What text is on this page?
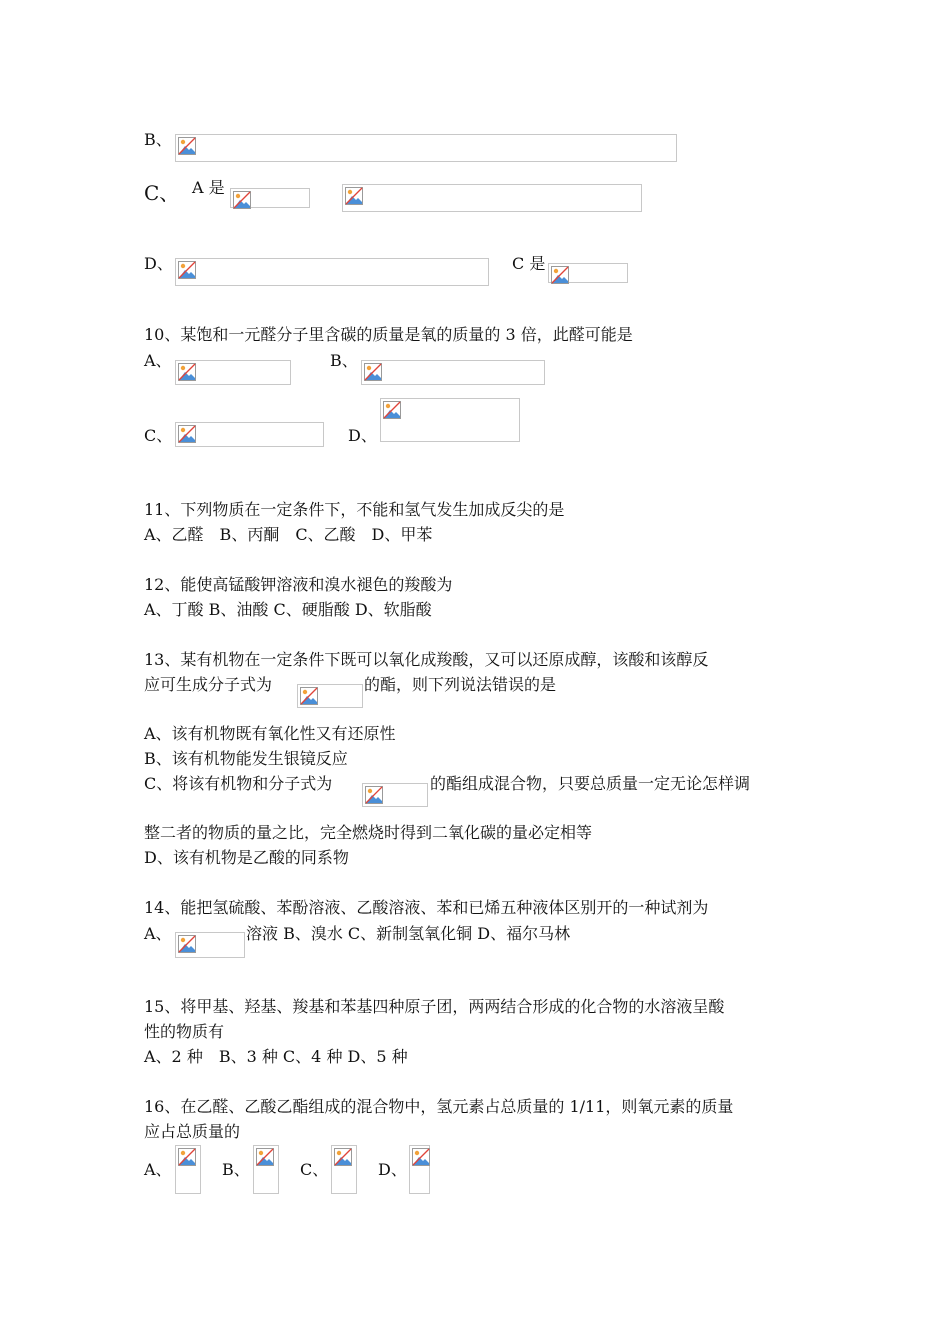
B、
C、 A 是
D、	C 是
10、某饱和一元醛分子里含碳的质量是氧的质量的 3 倍，此醛可能是
A、	B、
C、	D、
11、下列物质在一定条件下，不能和氢气发生加成反尖的是
A、乙醛　B、丙酮　C、乙酸　D、甲苯
12、能使高锰酸钾溶液和溴水褪色的羧酸为
A、丁酸 B、油酸 C、硬脂酸 D、软脂酸
13、某有机物在一定条件下既可以氧化成羧酸，又可以还原成醇，该酸和该醇反
应可生成分子式为	的酯，则下列说法错误的是
A、该有机物既有氧化性又有还原性
B、该有机物能发生银镜反应
C、将该有机物和分子式为	的酯组成混合物，只要总质量一定无论怎样调
整二者的物质的量之比，完全燃烧时得到二氧化碳的量必定相等
D、该有机物是乙酸的同系物
14、能把氢硫酸、苯酚溶液、乙酸溶液、苯和已烯五种液体区别开的一种试剂为
A、	溶液 B、溴水 C、新制氢氧化铜 D、福尔马林
15、将甲基、羟基、羧基和苯基四种原子团，两两结合形成的化合物的水溶液呈酸
性的物质有
A、2 种　B、3 种 C、4 种 D、5 种
16、在乙醛、乙酸乙酯组成的混合物中，氢元素占总质量的 1/11，则氧元素的质量
应占总质量的
A、	B、	C、	D、
